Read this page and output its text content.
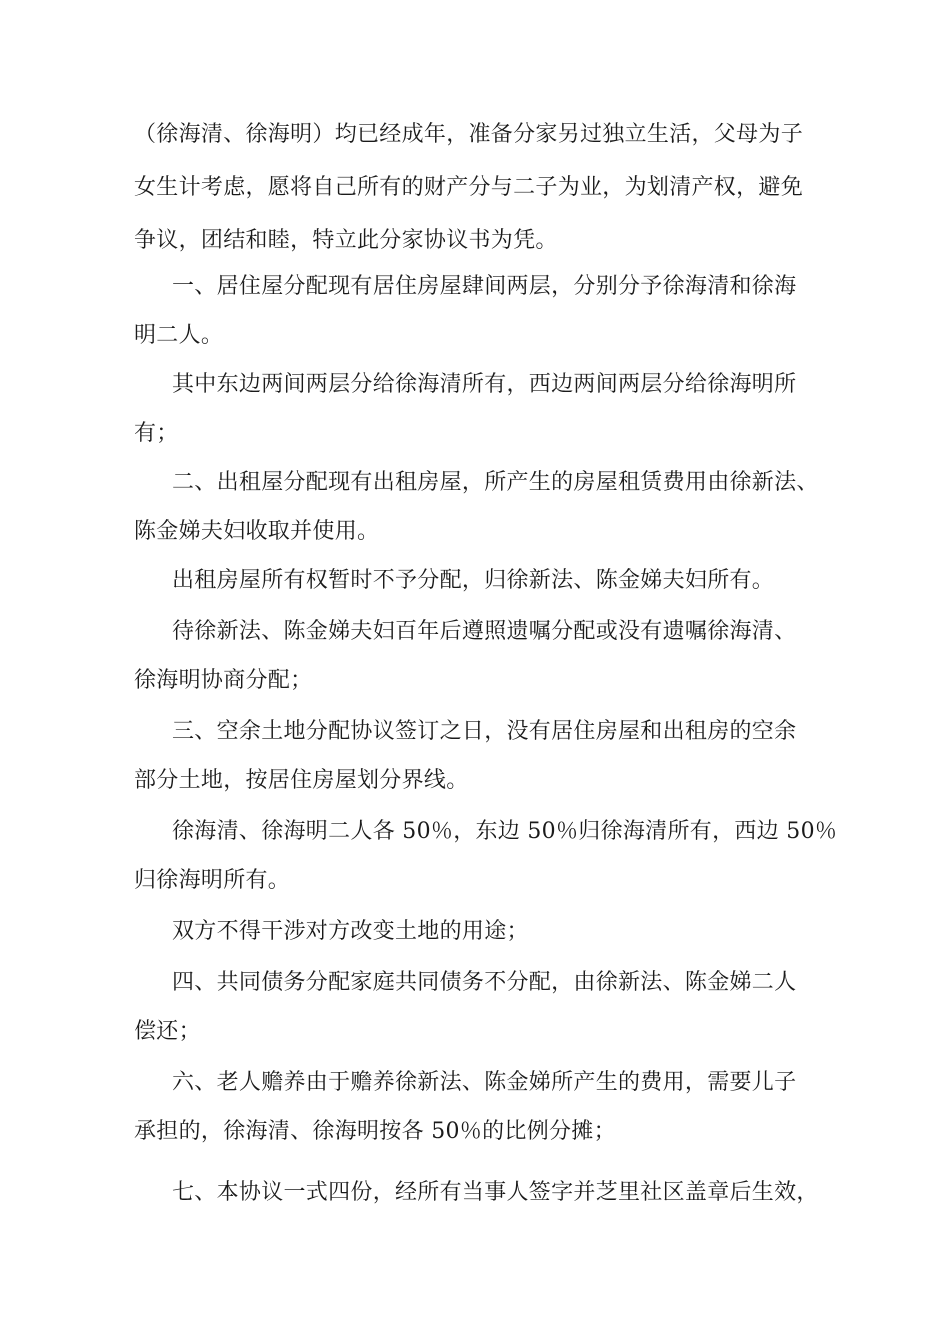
（徐海清、徐海明）均已经成年，准备分家另过独立生活，父母为子
女生计考虑，愿将自己所有的财产分与二子为业，为划清产权，避免
争议，团结和睦，特立此分家协议书为凭。
一、居住屋分配现有居住房屋肆间两层，分别分予徐海清和徐海
明二人。
其中东边两间两层分给徐海清所有，西边两间两层分给徐海明所
有；
二、出租屋分配现有出租房屋，所产生的房屋租赁费用由徐新法、
陈金娣夫妇收取并使用。
出租房屋所有权暂时不予分配，归徐新法、陈金娣夫妇所有。
待徐新法、陈金娣夫妇百年后遵照遗嘱分配或没有遗嘱徐海清、
徐海明协商分配；
三、空余土地分配协议签订之日，没有居住房屋和出租房的空余
部分土地，按居住房屋划分界线。
徐海清、徐海明二人各 50％，东边 50％归徐海清所有，西边 50％
归徐海明所有。
双方不得干涉对方改变土地的用途；
四、共同债务分配家庭共同债务不分配，由徐新法、陈金娣二人
偿还；
六、老人赡养由于赡养徐新法、陈金娣所产生的费用，需要儿子
承担的，徐海清、徐海明按各 50％的比例分摊；
七、本协议一式四份，经所有当事人签字并芝里社区盖章后生效，
